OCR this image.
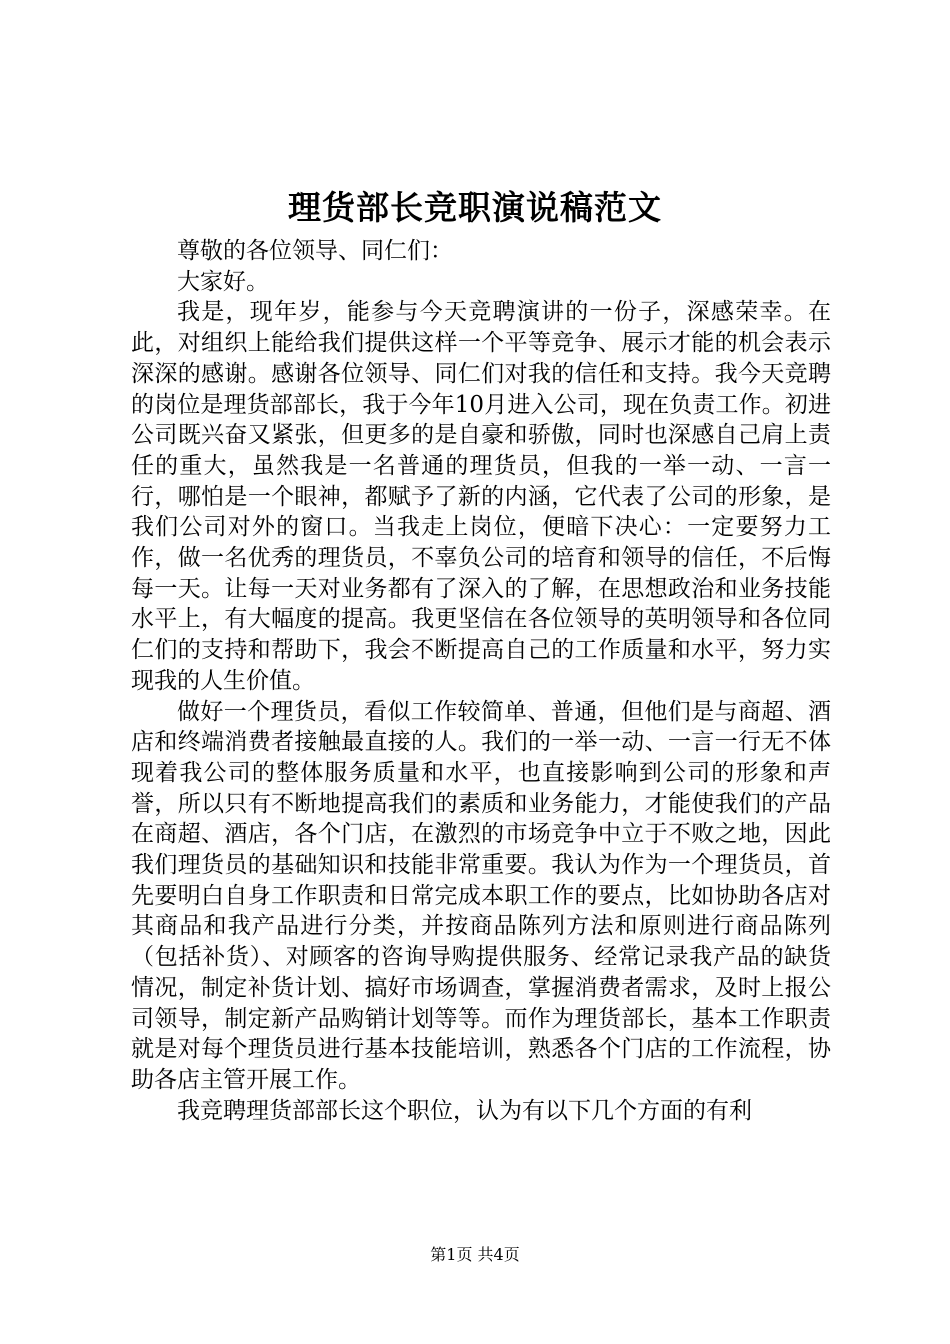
理货部长竞职演说稿范文

尊敬的各位领导、同仁们：

大家好。

我是，现年岁，能参与今天竞聘演讲的一份子，深感荣幸。在此，对组织上能给我们提供这样一个平等竞争、展示才能的机会表示深深的感谢。感谢各位领导、同仁们对我的信任和支持。我今天竞聘的岗位是理货部部长，我于今年10月进入公司，现在负责工作。初进公司既兴奋又紧张，但更多的是自豪和骄傲，同时也深感自己肩上责任的重大，虽然我是一名普通的理货员，但我的一举一动、一言一行，哪怕是一个眼神，都赋予了新的内涵，它代表了公司的形象，是我们公司对外的窗口。当我走上岗位，便暗下决心：一定要努力工作，做一名优秀的理货员，不辜负公司的培育和领导的信任，不后悔每一天。让每一天对业务都有了深入的了解，在思想政治和业务技能水平上，有大幅度的提高。我更坚信在各位领导的英明领导和各位同仁们的支持和帮助下，我会不断提高自己的工作质量和水平，努力实现我的人生价值。

做好一个理货员，看似工作较简单、普通，但他们是与商超、酒店和终端消费者接触最直接的人。我们的一举一动、一言一行无不体现着我公司的整体服务质量和水平，也直接影响到公司的形象和声誉，所以只有不断地提高我们的素质和业务能力，才能使我们的产品在商超、酒店，各个门店，在激烈的市场竞争中立于不败之地，因此我们理货员的基础知识和技能非常重要。我认为作为一个理货员，首先要明白自身工作职责和日常完成本职工作的要点，比如协助各店对其商品和我产品进行分类，并按商品陈列方法和原则进行商品陈列（包括补货）、对顾客的咨询导购提供服务、经常记录我产品的缺货情况，制定补货计划、搞好市场调查，掌握消费者需求，及时上报公司领导，制定新产品购销计划等等。而作为理货部长，基本工作职责就是对每个理货员进行基本技能培训，熟悉各个门店的工作流程，协助各店主管开展工作。

我竞聘理货部部长这个职位，认为有以下几个方面的有利

第1页 共4页
